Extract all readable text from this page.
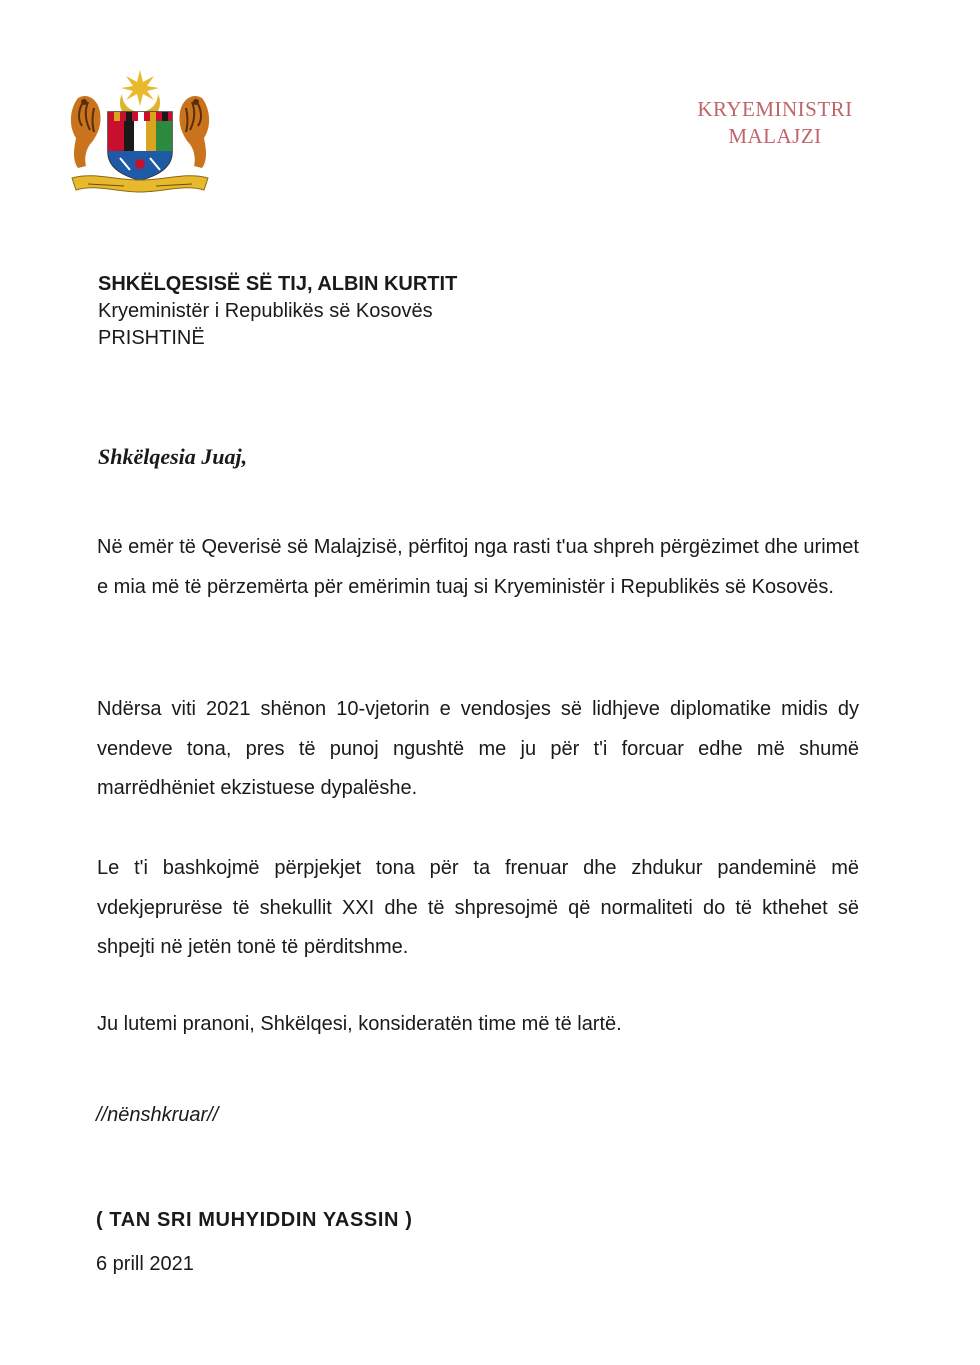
KRYEMINISTRI
MALAJZI
SHKËLQESISË SË TIJ, ALBIN KURTIT
Kryeministër i Republikës së Kosovës
PRISHTINË
Shkëlqesia Juaj,
Në emër të Qeverisë së Malajzisë, përfitoj nga rasti t'ua shpreh përgëzimet dhe urimet e mia më të përzemërta për emërimin tuaj si Kryeministër i Republikës së Kosovës.
Ndërsa viti 2021 shënon 10-vjetorin e vendosjes së lidhjeve diplomatike midis dy vendeve tona, pres të punoj ngushtë me ju për t'i forcuar edhe më shumë marrëdhëniet ekzistuese dypalëshe.
Le t'i bashkojmë përpjekjet tona për ta frenuar dhe zhdukur pandeminë më vdekjeprurëse të shekullit XXI dhe të shpresojmë që normaliteti do të kthehet së shpejti në jetën tonë të përditshme.
Ju lutemi pranoni, Shkëlqesi, konsideratën time më të lartë.
//nënshkruar//
( TAN SRI MUHYIDDIN YASSIN )
6 prill 2021
